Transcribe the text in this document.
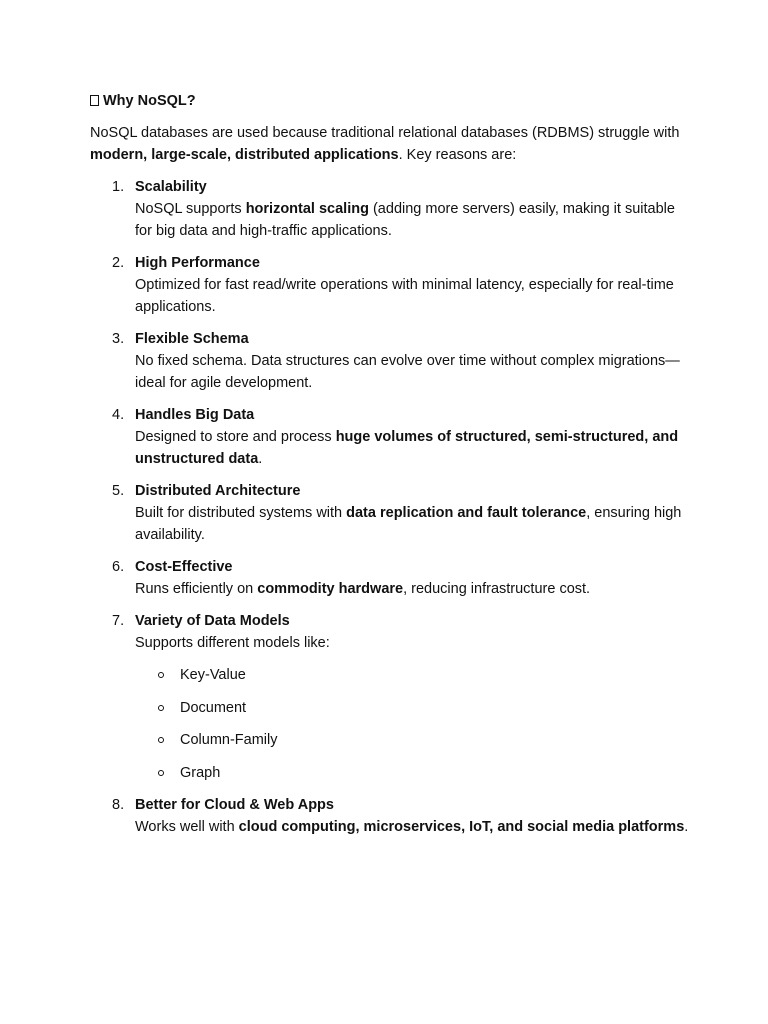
Why NoSQL?

NoSQL databases are used because traditional relational databases (RDBMS) struggle with modern, large-scale, distributed applications. Key reasons are:

1. Scalability
NoSQL supports horizontal scaling (adding more servers) easily, making it suitable for big data and high-traffic applications.
2. High Performance
Optimized for fast read/write operations with minimal latency, especially for real-time applications.
3. Flexible Schema
No fixed schema. Data structures can evolve over time without complex migrations—ideal for agile development.
4. Handles Big Data
Designed to store and process huge volumes of structured, semi-structured, and unstructured data.
5. Distributed Architecture
Built for distributed systems with data replication and fault tolerance, ensuring high availability.
6. Cost-Effective
Runs efficiently on commodity hardware, reducing infrastructure cost.
7. Variety of Data Models
Supports different models like:
Key-Value
Document
Column-Family
Graph
8. Better for Cloud & Web Apps
Works well with cloud computing, microservices, IoT, and social media platforms.
